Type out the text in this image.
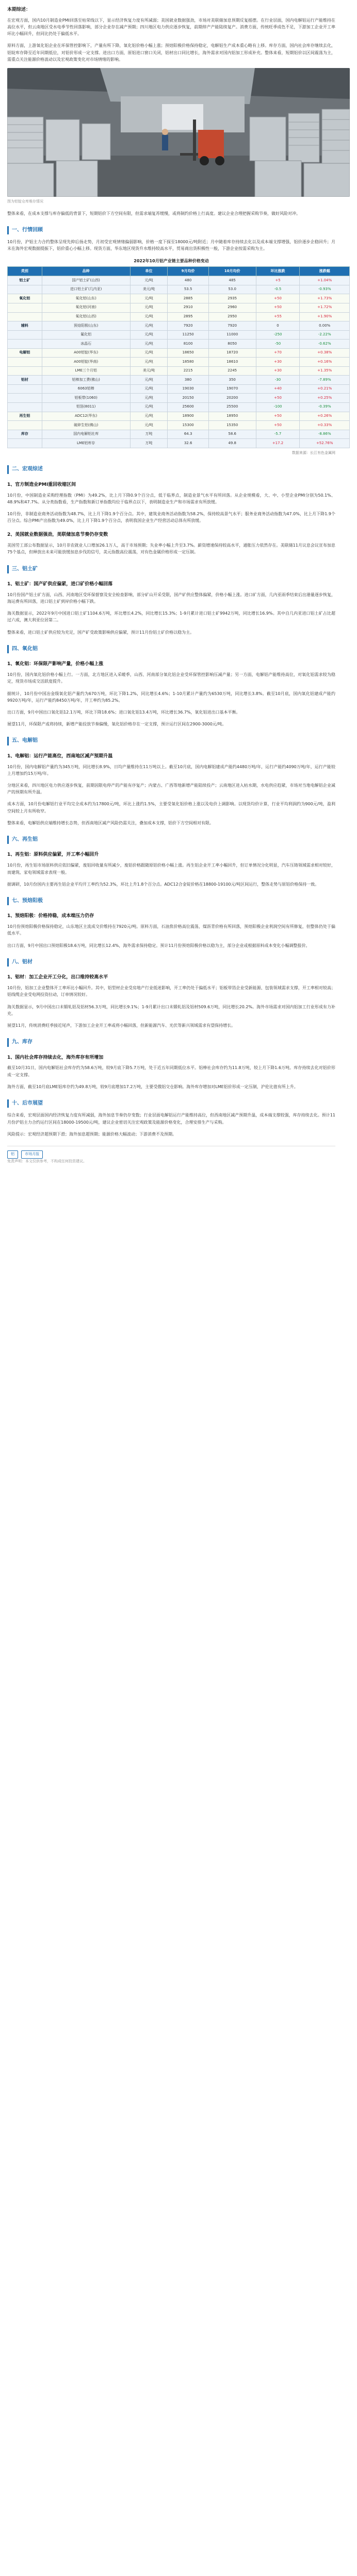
本期综述：

在宏观方面，国内10月制造业PMI回落至枯荣线以下，显示经济恢复力度有所减弱；美国就业数据强劲，市场对美联储加息预期反复摇摆。在行业层面，国内电解铝运行产能维持在高位水平，但云南地区受水电季节性回落影响，部分企业存在减产预期；四川地区电力供应逐步恢复，前期停产产能陆续复产。消费方面，传统旺季成色不足，下游加工企业开工率环比小幅回升，但同比仍处于偏低水平。

原料方面，上游氧化铝企业在环保管控影响下，产量有所下降，氧化铝价格小幅上涨；预焙阳极价格保持稳定，电解铝生产成本重心略有上移。库存方面，国内社会库存继续去化，铝锭库存降至近年同期低位，对铝价形成一定支撑。进出口方面，原铝进口窗口关闭，铝材出口同比增长，海外需求对国内铝加工形成补充。整体来看，短期铝价以区间震荡为主，需重点关注能源价格波动以及宏观政策变化对市场情绪的影响。

图为铝锭仓库堆存情况

整体来看，在成本支撑与库存偏低的背景下，短期铝价下方空间有限，但需求端复苏缓慢，或将制约价格上行高度。建议企业合理把握采购节奏，做好风险对冲。

一、行情回顾

10月份，沪铝主力合约整体呈现先抑后扬走势，月初受宏观情绪偏弱影响，价格一度下探至18000元/吨附近；月中随着库存持续去化以及成本端支撑增强，铝价逐步企稳回升；月末在海外宏观数据提振下，铝价重心小幅上移。现货方面，华东地区现货升水维持较高水平，贸易商出货积极性一般，下游企业按需采购为主。

2022年10月铝产业链主要品种价格变动
类别	品种	单位	9月均价	10月均价	环比涨跌	涨跌幅
铝土矿	国产铝土矿(山西)	元/吨	480	485	+5	+1.04%
	进口铝土矿(几内亚)	美元/吨	53.5	53.0	-0.5	-0.93%
氧化铝	氧化铝(山东)	元/吨	2885	2935	+50	+1.73%
	氧化铝(河南)	元/吨	2910	2960	+50	+1.72%
	氧化铝(山西)	元/吨	2895	2950	+55	+1.90%
辅料	预焙阳极(山东)	元/吨	7920	7920	0	0.00%
	氟化铝	元/吨	11250	11000	-250	-2.22%
	冰晶石	元/吨	8100	8050	-50	-0.62%
电解铝	A00铝锭(华东)	元/吨	18650	18720	+70	+0.38%
	A00铝锭(华南)	元/吨	18580	18610	+30	+0.16%
	LME三个月铝	美元/吨	2215	2245	+30	+1.35%
铝材	铝棒加工费(佛山)	元/吨	380	350	-30	-7.89%
	6063铝棒	元/吨	19030	19070	+40	+0.21%
	铝板带(1060)	元/吨	20150	20200	+50	+0.25%
	铝箔(8011)	元/吨	25600	25500	-100	-0.39%
再生铝	ADC12(华东)	元/吨	18900	18950	+50	+0.26%
	破碎生铝(佛山)	元/吨	15300	15350	+50	+0.33%
库存	国内电解铝社库	万吨	64.3	58.6	-5.7	-8.86%
	LME铝库存	万吨	32.6	49.8	+17.2	+52.76%
数据来源：长江有色金属网
二、宏观综述
1、官方制造业PMI重回收缩区间

10月份，中国制造业采购经理指数（PMI）为49.2%，比上月下降0.9个百分点，低于临界点，制造业景气水平有所回落。从企业规模看，大、中、小型企业PMI分别为50.1%、48.9%和47.7%。从分类指数看，生产指数和新订单指数均位于临界点以下，表明制造业生产和市场需求有所放缓。

10月份，非制造业商务活动指数为48.7%，比上月下降1.9个百分点。其中，建筑业商务活动指数为58.2%，保持较高景气水平；服务业商务活动指数为47.0%，比上月下降1.9个百分点。综合PMI产出指数为49.0%，比上月下降1.9个百分点，表明我国企业生产经营活动总体有所放缓。

2、美国就业数据强劲，美联储加息节奏仍存变数

美国劳工部公布数据显示，10月非农就业人口增加26.1万人，高于市场预期；失业率小幅上升至3.7%。薪资增速保持较高水平，通胀压力依然存在。美联储11月议息会议宣布加息75个基点，但释放出未来可能放缓加息步伐的信号，美元指数高位震荡，对有色金属价格形成一定压制。

三、铝土矿
1、铝土矿：国产矿供应偏紧，进口矿价格小幅回落

10月份国产铝土矿方面，山西、河南地区受环保督察及安全检查影响，部分矿山开采受限，国产矿供应整体偏紧，价格小幅上涨。进口矿方面，几内亚雨季结束后出港量逐步恢复，海运费有所回落，进口铝土矿到岸价格小幅下跌。

海关数据显示，2022年9月中国进口铝土矿1104.6万吨，环比增长4.2%，同比增长15.3%；1-9月累计进口铝土矿9942万吨，同比增长16.9%。其中自几内亚进口铝土矿占比超过六成，澳大利亚位居第二。

整体来看，进口铝土矿供应较为充足，国产矿受政策影响供应偏紧，预计11月份铝土矿价格以稳为主。

四、氧化铝
1、氧化铝：环保限产影响产量，价格小幅上涨

10月份，国内氧化铝价格小幅上行。一方面，北方地区进入采暖季，山西、河南部分氧化铝企业受环保管控影响压减产量；另一方面，电解铝产能维持高位，对氧化铝需求较为稳定，现货市场成交活跃度提升。

据统计，10月份中国冶金级氧化铝产量约为670万吨，环比下降1.2%，同比增长4.6%；1-10月累计产量约为6530万吨，同比增长3.8%。截至10月底，国内氧化铝建成产能约9920万吨/年，运行产能约8450万吨/年，开工率约为85.2%。

出口方面，9月中国出口氧化铝12.1万吨，环比下降18.6%；进口氧化铝13.4万吨，环比增长36.7%，氧化铝进出口基本平衡。

展望11月，环保限产或将持续，新增产能投放节奏偏慢，氧化铝价格存在一定支撑，预计运行区间在2900-3000元/吨。

五、电解铝
1、电解铝：运行产能高位，西南地区减产预期升温

10月份，国内电解铝产量约为345万吨，同比增长8.9%，日均产量维持在11万吨以上。截至10月底，国内电解铝建成产能约4480万吨/年，运行产能约4090万吨/年，运行产能较上月增加约15万吨/年。

分地区来看，四川地区电力供应逐步恢复，前期因限电停产的产能有序复产；内蒙古、广西等地新增产能陆续投产；云南地区进入枯水期，水电供应趋紧，市场对当地电解铝企业减产的预期有所升温。

成本方面，10月份电解铝行业平均完全成本约为17800元/吨，环比上涨约1.5%，主要受氧化铝价格上涨以及电价上调影响。以现货均价计算，行业平均利润约为900元/吨，盈利空间较上月有所收窄。

整体来看，电解铝供应端维持增长态势，但西南地区减产风险仍需关注，叠加成本支撑，铝价下方空间相对有限。

六、再生铝
1、再生铝：原料供应偏紧，开工率小幅回升

10月份，再生铝市场原料供应依旧偏紧，废铝回收量有所减少，废铝价格跟随原铝价格小幅上涨。再生铝企业开工率小幅回升，但订单情况分化明显，汽车压铸领域需求相对较好，而建筑、家电领域需求表现一般。

据调研，10月份国内主要再生铝企业平均开工率约为52.3%，环比上升1.8个百分点。ADC12合金锭价格在18800-19100元/吨区间运行，整体走势与原铝价格保持一致。

七、预焙阳极
1、预焙阳极：价格持稳，成本端压力仍存

10月份预焙阳极价格保持稳定，山东地区主流成交价维持在7920元/吨。原料方面，石油焦价格高位震荡，煤沥青价格有所回落，预焙阳极企业利润空间有所修复，但整体仍处于偏低水平。

出口方面，9月中国出口预焙阳极18.6万吨，同比增长12.4%，海外需求保持稳定。预计11月份预焙阳极价格以稳为主，部分企业或根据原料成本变化小幅调整报价。

八、铝材
1、铝材：加工企业开工分化，出口维持较高水平

10月份，铝加工企业整体开工率环比小幅回升。其中，铝型材企业受房地产行业低迷影响，开工率仍处于偏低水平；铝板带箔企业受新能源、包装领域需求支撑，开工率相对较高；铝线缆企业受电网投资拉动，订单情况较好。

海关数据显示，9月中国出口未锻轧铝及铝材56.3万吨，同比增长9.1%；1-9月累计出口未锻轧铝及铝材509.6万吨，同比增长20.2%。海外市场需求对国内铝加工行业形成有力补充。

展望11月，传统消费旺季接近尾声，下游加工企业开工率或将小幅回落，但新能源汽车、光伏等新兴领域需求有望保持增长。

九、库存
1、国内社会库存持续去化，海外库存有所增加

截至10月31日，国内电解铝社会库存约为58.6万吨，较9月底下降5.7万吨，处于近五年同期低位水平。铝棒社会库存约为11.8万吨，较上月下降1.6万吨。库存持续去化对铝价形成一定支撑。

海外方面，截至10月底LME铝库存约为49.8万吨，较9月底增加17.2万吨，主要受俄铝交仓影响。海外库存增加对LME铝价形成一定压制，沪伦比值有所上升。

十、后市展望

综合来看，宏观层面国内经济恢复力度有所减弱，海外加息节奏仍存变数；行业层面电解铝运行产能维持高位，但西南地区减产预期升温，成本端支撑较强，库存持续去化。预计11月份沪铝主力合约运行区间在18000-19500元/吨，建议企业密切关注宏观政策及能源价格变化，合理安排生产与采购。

风险提示：宏观经济超预期下滑；海外加息超预期；能源价格大幅波动；下游消费不及预期。

铝	市场月报
免责声明：本文仅供参考，不构成任何投资建议。
